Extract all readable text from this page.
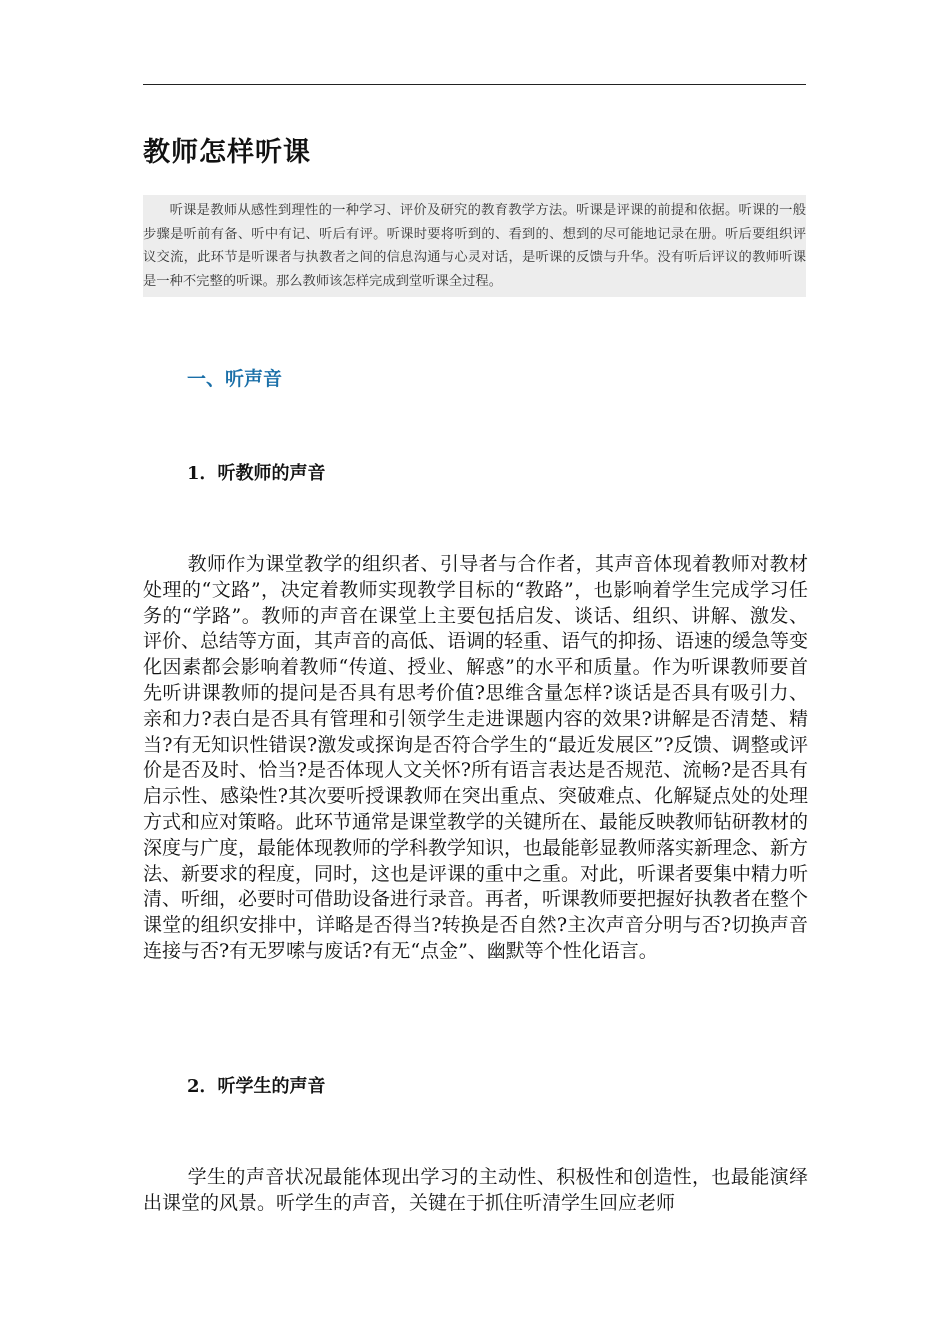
教师怎样听课

听课是教师从感性到理性的一种学习、评价及研究的教育教学方法。听课是评课的前提和依据。听课的一般步骤是听前有备、听中有记、听后有评。听课时要将听到的、看到的、想到的尽可能地记录在册。听后要组织评议交流，此环节是听课者与执教者之间的信息沟通与心灵对话，是听课的反馈与升华。没有听后评议的教师听课是一种不完整的听课。那么教师该怎样完成到堂听课全过程。

一、听声音
1．听教师的声音

教师作为课堂教学的组织者、引导者与合作者，其声音体现着教师对教材处理的“文路”，决定着教师实现教学目标的“教路”，也影响着学生完成学习任务的“学路”。教师的声音在课堂上主要包括启发、谈话、组织、讲解、激发、评价、总结等方面，其声音的高低、语调的轻重、语气的抑扬、语速的缓急等变化因素都会影响着教师“传道、授业、解惑”的水平和质量。作为听课教师要首先听讲课教师的提问是否具有思考价值?思维含量怎样?谈话是否具有吸引力、亲和力?表白是否具有管理和引领学生走进课题内容的效果?讲解是否清楚、精当?有无知识性错误?激发或探询是否符合学生的“最近发展区”?反馈、调整或评价是否及时、恰当?是否体现人文关怀?所有语言表达是否规范、流畅?是否具有启示性、感染性?其次要听授课教师在突出重点、突破难点、化解疑点处的处理方式和应对策略。此环节通常是课堂教学的关键所在、最能反映教师钻研教材的深度与广度，最能体现教师的学科教学知识，也最能彰显教师落实新理念、新方法、新要求的程度，同时，这也是评课的重中之重。对此，听课者要集中精力听清、听细，必要时可借助设备进行录音。再者，听课教师要把握好执教者在整个课堂的组织安排中，详略是否得当?转换是否自然?主次声音分明与否?切换声音连接与否?有无罗嗦与废话?有无“点金”、幽默等个性化语言。

2．听学生的声音

学生的声音状况最能体现出学习的主动性、积极性和创造性，也最能演绎出课堂的风景。听学生的声音，关键在于抓住听清学生回应老师
